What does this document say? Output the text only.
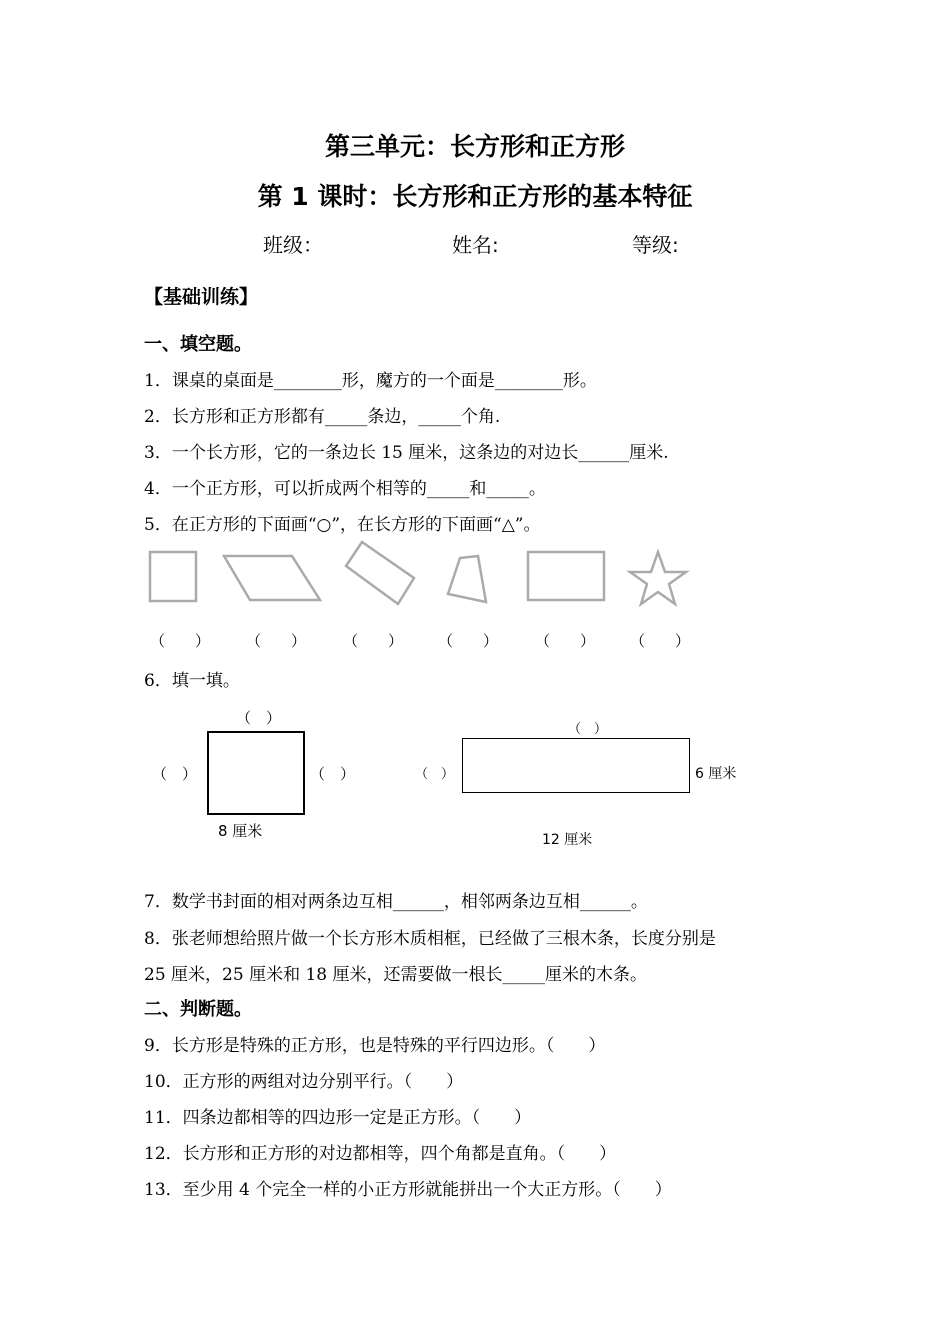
第三单元：长方形和正方形
第 1 课时：长方形和正方形的基本特征
班级：	姓名:	等级:
【基础训练】
一、填空题。
1．课桌的桌面是________形，魔方的一个面是________形。
2．长方形和正方形都有_____条边，_____个角.
3．一个长方形，它的一条边长 15 厘米，这条边的对边长______厘米.
4．一个正方形，可以折成两个相等的_____和_____。
5．在正方形的下面画“○”，在长方形的下面画“△”。
（　　） （　　） （　　） （　　） （　　） （　　）
6．填一填。
（　）
（　）	（　）
8 厘米
（　）
（　）	6 厘米
12 厘米
7．数学书封面的相对两条边互相______，相邻两条边互相______。
8．张老师想给照片做一个长方形木质相框，已经做了三根木条，长度分别是
25 厘米，25 厘米和 18 厘米，还需要做一根长_____厘米的木条。
二、判断题。
9．长方形是特殊的正方形，也是特殊的平行四边形。（　　）
10．正方形的两组对边分别平行。（　　）
11．四条边都相等的四边形一定是正方形。（　　）
12．长方形和正方形的对边都相等，四个角都是直角。（　　）
13．至少用 4 个完全一样的小正方形就能拼出一个大正方形。（　　）
